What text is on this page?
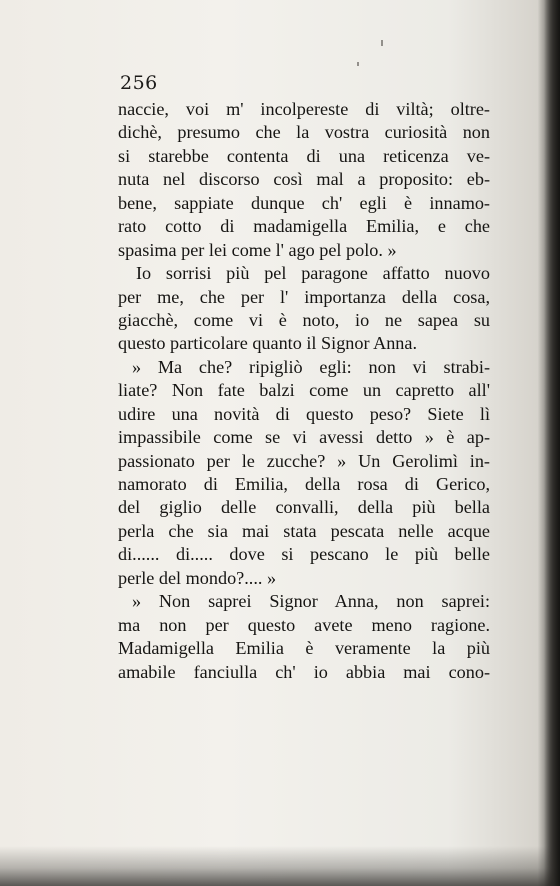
256
naccie, voi m' incolpereste di viltà; oltre-
dichè, presumo che la vostra curiosità non
si starebbe contenta di una reticenza ve-
nuta nel discorso così mal a proposito: eb-
bene, sappiate dunque ch' egli è innamo-
rato cotto di madamigella Emilia, e che
spasima per lei come l' ago pel polo. »
Io sorrisi più pel paragone affatto nuovo
per me, che per l' importanza della cosa,
giacchè, come vi è noto, io ne sapea su
questo particolare quanto il Signor Anna.
» Ma che? ripigliò egli: non vi strabi-
liate? Non fate balzi come un capretto all'
udire una novità di questo peso? Siete lì
impassibile come se vi avessi detto » è ap-
passionato per le zucche? » Un Gerolimì in-
namorato di Emilia, della rosa di Gerico,
del giglio delle convalli, della più bella
perla che sia mai stata pescata nelle acque
di...... di..... dove si pescano le più belle
perle del mondo?.... »
» Non saprei Signor Anna, non saprei:
ma non per questo avete meno ragione.
Madamigella Emilia è veramente la più
amabile fanciulla ch' io abbia mai cono-
